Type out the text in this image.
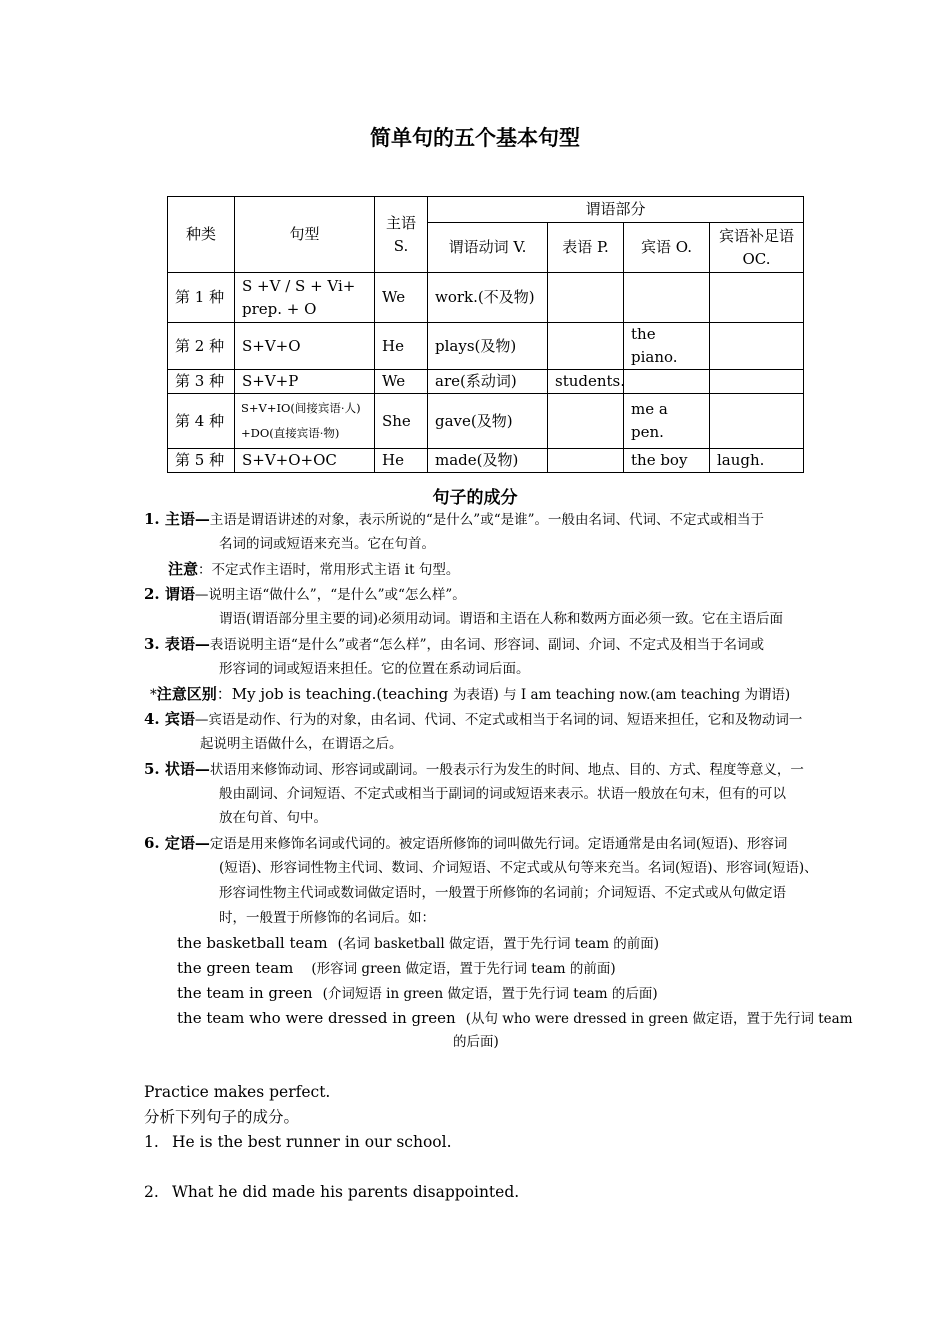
简单句的五个基本句型
种类	句型	主语S.	谓语部分			
			谓语动词 V.	表语 P.	宾语 O.	宾语补足语 OC.
第 1 种	S +V / S + Vi+ prep. + O	We	work.(不及物)			
第 2 种	S+V+O	He	plays(及物)		the piano.	
第 3 种	S+V+P	We	are(系动词)	students.		
第 4 种	S+V+IO(间接宾语·人) +DO(直接宾语·物)	She	gave(及物)		me a pen.	
第 5 种	S+V+O+OC	He	made(及物)		the boy	laugh.
句子的成分
1. 主语—主语是谓语讲述的对象，表示所说的“是什么”或“是谁”。一般由名词、代词、不定式或相当于
名词的词或短语来充当。它在句首。
注意：不定式作主语时，常用形式主语 it 句型。
2. 谓语—说明主语“做什么”，“是什么”或“怎么样”。
谓语(谓语部分里主要的词)必须用动词。谓语和主语在人称和数两方面必须一致。它在主语后面
3. 表语—表语说明主语“是什么”或者“怎么样”，由名词、形容词、副词、介词、不定式及相当于名词或
形容词的词或短语来担任。它的位置在系动词后面。
*注意区别：My job is teaching.(teaching 为表语) 与 I am teaching now.(am teaching 为谓语)
4. 宾语—宾语是动作、行为的对象，由名词、代词、不定式或相当于名词的词、短语来担任，它和及物动词一
起说明主语做什么，在谓语之后。
5. 状语—状语用来修饰动词、形容词或副词。一般表示行为发生的时间、地点、目的、方式、程度等意义，一
般由副词、介词短语、不定式或相当于副词的词或短语来表示。状语一般放在句末，但有的可以
放在句首、句中。
6. 定语—定语是用来修饰名词或代词的。被定语所修饰的词叫做先行词。定语通常是由名词(短语)、形容词
(短语)、形容词性物主代词、数词、介词短语、不定式或从句等来充当。名词(短语)、形容词(短语)、
形容词性物主代词或数词做定语时，一般置于所修饰的名词前；介词短语、不定式或从句做定语
时，一般置于所修饰的名词后。如：
the basketball team (名词 basketball 做定语，置于先行词 team 的前面)
the green team (形容词 green 做定语，置于先行词 team 的前面)
the team in green (介词短语 in green 做定语，置于先行词 team 的后面)
the team who were dressed in green (从句 who were dressed in green 做定语，置于先行词 team
的后面)
Practice makes perfect.
分析下列句子的成分。
1. He is the best runner in our school.
2. What he did made his parents disappointed.
